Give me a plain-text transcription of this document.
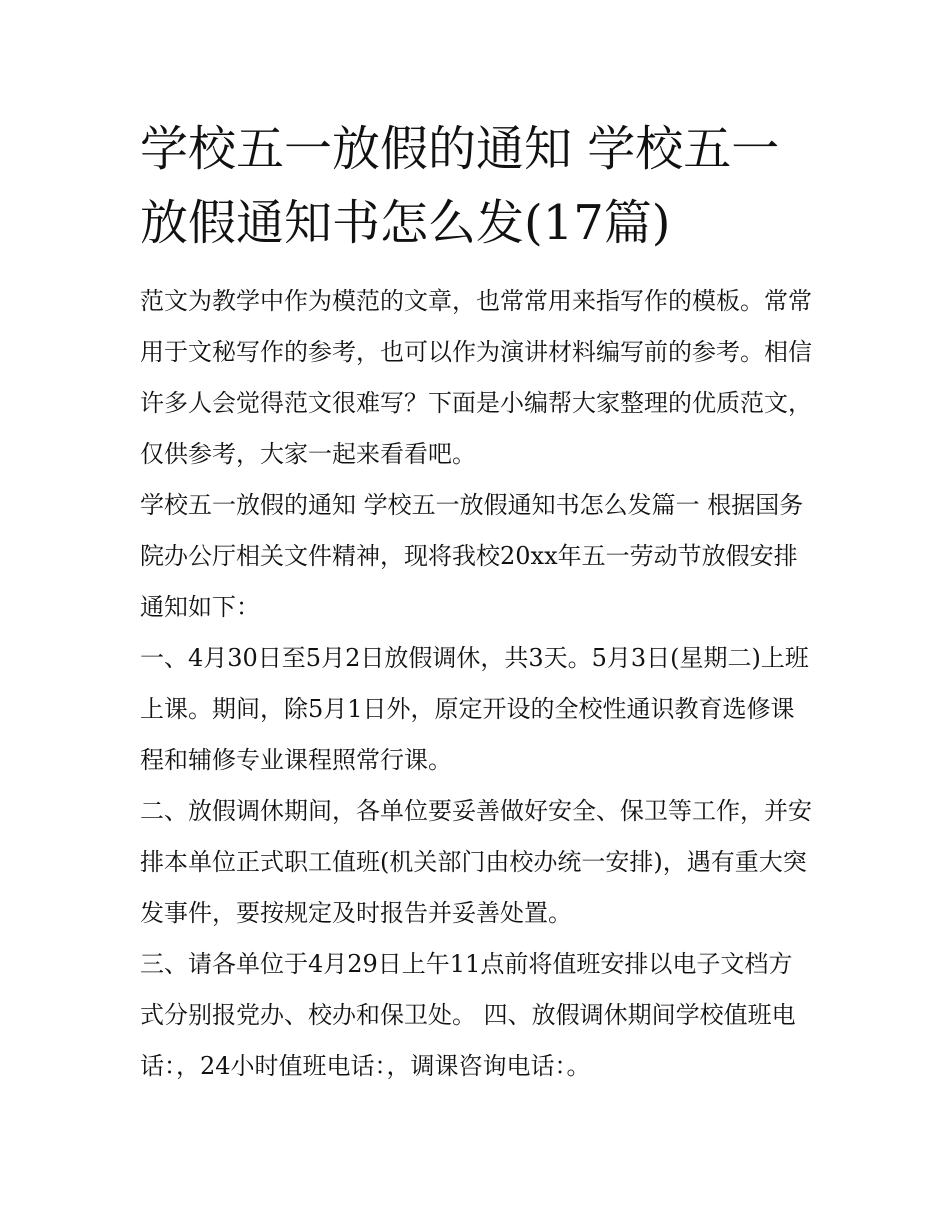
学校五一放假的通知 学校五一放假通知书怎么发(17篇)

范文为教学中作为模范的文章，也常常用来指写作的模板。常常用于文秘写作的参考，也可以作为演讲材料编写前的参考。相信许多人会觉得范文很难写？下面是小编帮大家整理的优质范文，仅供参考，大家一起来看看吧。

学校五一放假的通知 学校五一放假通知书怎么发篇一 根据国务院办公厅相关文件精神，现将我校20xx年五一劳动节放假安排通知如下：

一、4月30日至5月2日放假调休，共3天。5月3日(星期二)上班上课。期间，除5月1日外，原定开设的全校性通识教育选修课程和辅修专业课程照常行课。

二、放假调休期间，各单位要妥善做好安全、保卫等工作，并安排本单位正式职工值班(机关部门由校办统一安排)，遇有重大突发事件，要按规定及时报告并妥善处置。

三、请各单位于4月29日上午11点前将值班安排以电子文档方式分别报党办、校办和保卫处。 四、放假调休期间学校值班电话：，24小时值班电话：，调课咨询电话：。
